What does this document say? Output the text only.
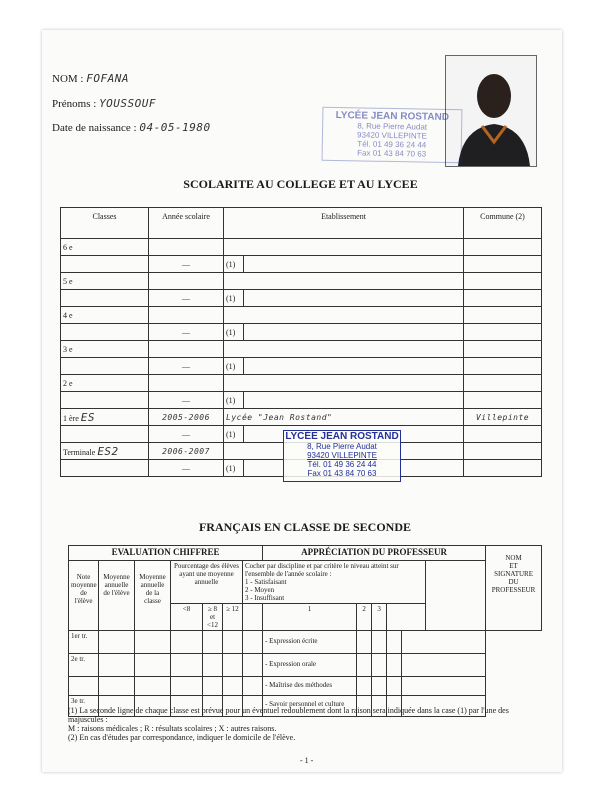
NOM : FOFANA
Prénoms : YOUSSOUF
Date de naissance : 04-05-1980
LYCÉE JEAN ROSTAND
8, Rue Pierre Audat
93420 VILLEPINTE
Tél. 01 49 36 24 44
Fax 01 43 84 70 63
SCOLARITE AU COLLEGE ET AU LYCEE
Classes	Année scolaire	Etablissement		Commune (2)
6 e				
	—	(1)		
5 e				
	—	(1)		
4 e				
	—	(1)		
3 e				
	—	(1)		
2 e				
	—	(1)		
1 ère ES	2005-2006	Lycée "Jean Rostand"		Villepinte
	—	(1)		
Terminale ES2	2006-2007			
	—	(1)		
LYCÉE JEAN ROSTAND
8, Rue Pierre Audat
93420 VILLEPINTE
Tél. 01 49 36 24 44
Fax 01 43 84 70 63
FRANÇAIS EN CLASSE DE SECONDE
EVALUATION CHIFFREE							APPRÉCIATION DU PROFESSEUR					NOM
ET
SIGNATURE
DU
PROFESSEUR

Note moyenne de l'élève	Moyenne annuelle de l'élève	Moyenne annuelle de la classe	Pourcentage des élèves ayant une moyenne annuelle			Cocher par discipline et par critère le niveau atteint sur l'ensemble de l'année scolaire :
1 - Satisfaisant
2 - Moyen
3 - Insuffisant						

			<8	≥ 8 et <12	≥ 12		1	2	3			
1er tr.							- Expression écrite					
2e tr.							- Expression orale					
							- Maîtrise des méthodes					
3e tr.							- Savoir personnel et culture					
(1) La seconde ligne de chaque classe est prévue pour un éventuel redoublement dont la raison sera indiquée dans la case (1) par l'une des majuscules :
M : raisons médicales ; R : résultats scolaires ; X : autres raisons.
(2) En cas d'études par correspondance, indiquer le domicile de l'élève.
- 1 -
